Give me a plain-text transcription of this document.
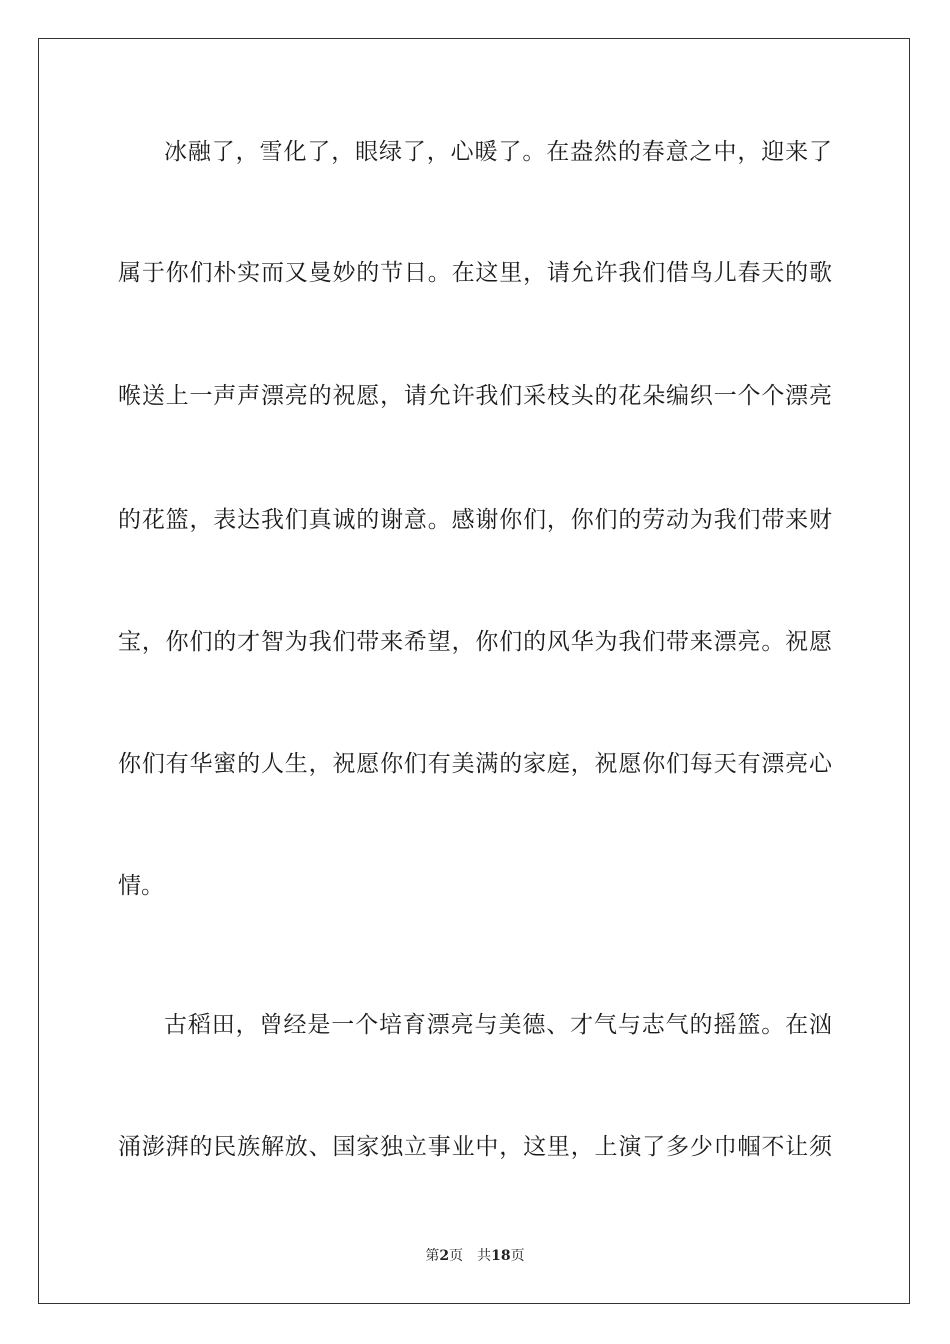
冰融了，雪化了，眼绿了，心暖了。在盎然的春意之中，迎来了
属于你们朴实而又曼妙的节日。在这里，请允许我们借鸟儿春天的歌
喉送上一声声漂亮的祝愿，请允许我们采枝头的花朵编织一个个漂亮
的花篮，表达我们真诚的谢意。感谢你们，你们的劳动为我们带来财
宝，你们的才智为我们带来希望，你们的风华为我们带来漂亮。祝愿
你们有华蜜的人生，祝愿你们有美满的家庭，祝愿你们每天有漂亮心
情。
古稻田，曾经是一个培育漂亮与美德、才气与志气的摇篮。在汹
涌澎湃的民族解放、国家独立事业中，这里，上演了多少巾帼不让须
第2页 共18页
